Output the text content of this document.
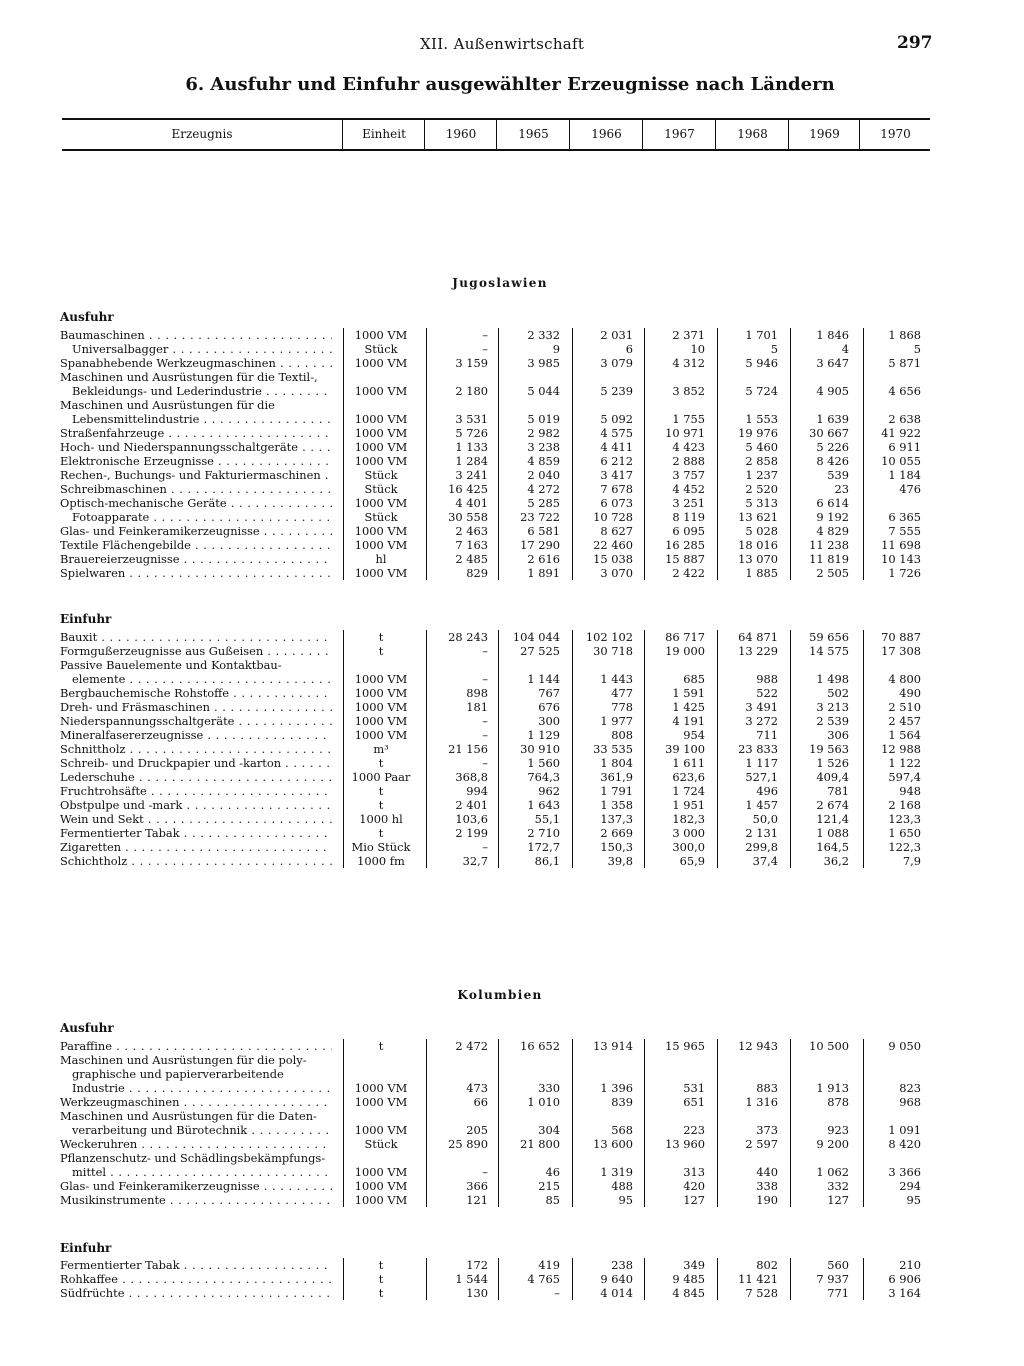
XII. Außenwirtschaft	297
6. Ausfuhr und Einfuhr ausgewählter Erzeugnisse nach Ländern
Erzeugnis	Einheit	1960	1965	1966	1967	1968	1969	1970
Jugoslawien
Ausfuhr
Baumaschinen . . .	1000 VM	–	2 332	2 031	2 371	1 701	1 846	1 868
Universalbagger . . .	Stück	–	9	6	10	5	4	5
Spanabhebende Werkzeugmaschinen . . .	1000 VM	3 159	3 985	3 079	4 312	5 946	3 647	5 871
Maschinen und Ausrüstungen für die Textil-,
Bekleidungs- und Lederindustrie . . .	1000 VM	2 180	5 044	5 239	3 852	5 724	4 905	4 656
Maschinen und Ausrüstungen für die
Lebensmittelindustrie . . .	1000 VM	3 531	5 019	5 092	1 755	1 553	1 639	2 638
Straßenfahrzeuge . . .	1000 VM	5 726	2 982	4 575	10 971	19 976	30 667	41 922
Hoch- und Niederspannungsschaltgeräte . . .	1000 VM	1 133	3 238	4 411	4 423	5 460	5 226	6 911
Elektronische Erzeugnisse . . .	1000 VM	1 284	4 859	6 212	2 888	2 858	8 426	10 055
Rechen-, Buchungs- und Fakturiermaschinen . . .	Stück	3 241	2 040	3 417	3 757	1 237	539	1 184
Schreibmaschinen . . .	Stück	16 425	4 272	7 678	4 452	2 520	23	476
Optisch-mechanische Geräte . . .	1000 VM	4 401	5 285	6 073	3 251	5 313	6 614
Fotoapparate . . .	Stück	30 558	23 722	10 728	8 119	13 621	9 192	6 365
Glas- und Feinkeramikerzeugnisse . . .	1000 VM	2 463	6 581	8 627	6 095	5 028	4 829	7 555
Textile Flächengebilde . . .	1000 VM	7 163	17 290	22 460	16 285	18 016	11 238	11 698
Brauereierzeugnisse . . .	hl	2 485	2 616	15 038	15 887	13 070	11 819	10 143
Spielwaren . . .	1000 VM	829	1 891	3 070	2 422	1 885	2 505	1 726
Einfuhr
Bauxit . . .	t	28 243	104 044	102 102	86 717	64 871	59 656	70 887
Formgußerzeugnisse aus Gußeisen . . .	t	–	27 525	30 718	19 000	13 229	14 575	17 308
Passive Bauelemente und Kontaktbau-
elemente . . .	1000 VM	–	1 144	1 443	685	988	1 498	4 800
Bergbauchemische Rohstoffe . . .	1000 VM	898	767	477	1 591	522	502	490
Dreh- und Fräsmaschinen . . .	1000 VM	181	676	778	1 425	3 491	3 213	2 510
Niederspannungsschaltgeräte . . .	1000 VM	–	300	1 977	4 191	3 272	2 539	2 457
Mineralfasererzeugnisse . . .	1000 VM	–	1 129	808	954	711	306	1 564
Schnittholz . . .	m³	21 156	30 910	33 535	39 100	23 833	19 563	12 988
Schreib- und Druckpapier und -karton . . .	t	–	1 560	1 804	1 611	1 117	1 526	1 122
Lederschuhe . . .	1000 Paar	368,8	764,3	361,9	623,6	527,1	409,4	597,4
Fruchtrohsäfte . . .	t	994	962	1 791	1 724	496	781	948
Obstpulpe und -mark . . .	t	2 401	1 643	1 358	1 951	1 457	2 674	2 168
Wein und Sekt . . .	1000 hl	103,6	55,1	137,3	182,3	50,0	121,4	123,3
Fermentierter Tabak . . .	t	2 199	2 710	2 669	3 000	2 131	1 088	1 650
Zigaretten . . .	Mio Stück	–	172,7	150,3	300,0	299,8	164,5	122,3
Schichtholz . . .	1000 fm	32,7	86,1	39,8	65,9	37,4	36,2	7,9
Kolumbien
Ausfuhr
Paraffine . . .	t	2 472	16 652	13 914	15 965	12 943	10 500	9 050
Maschinen und Ausrüstungen für die poly-
graphische und papierverarbeitende
Industrie . . .	1000 VM	473	330	1 396	531	883	1 913	823
Werkzeugmaschinen . . .	1000 VM	66	1 010	839	651	1 316	878	968
Maschinen und Ausrüstungen für die Daten-
verarbeitung und Bürotechnik . . .	1000 VM	205	304	568	223	373	923	1 091
Weckeruhren . . .	Stück	25 890	21 800	13 600	13 960	2 597	9 200	8 420
Pflanzenschutz- und Schädlingsbekämpfungs-
mittel . . .	1000 VM	–	46	1 319	313	440	1 062	3 366
Glas- und Feinkeramikerzeugnisse . . .	1000 VM	366	215	488	420	338	332	294
Musikinstrumente . . .	1000 VM	121	85	95	127	190	127	95
Einfuhr
Fermentierter Tabak . . .	t	172	419	238	349	802	560	210
Rohkaffee . . .	t	1 544	4 765	9 640	9 485	11 421	7 937	6 906
Südfrüchte . . .	t	130	–	4 014	4 845	7 528	771	3 164
